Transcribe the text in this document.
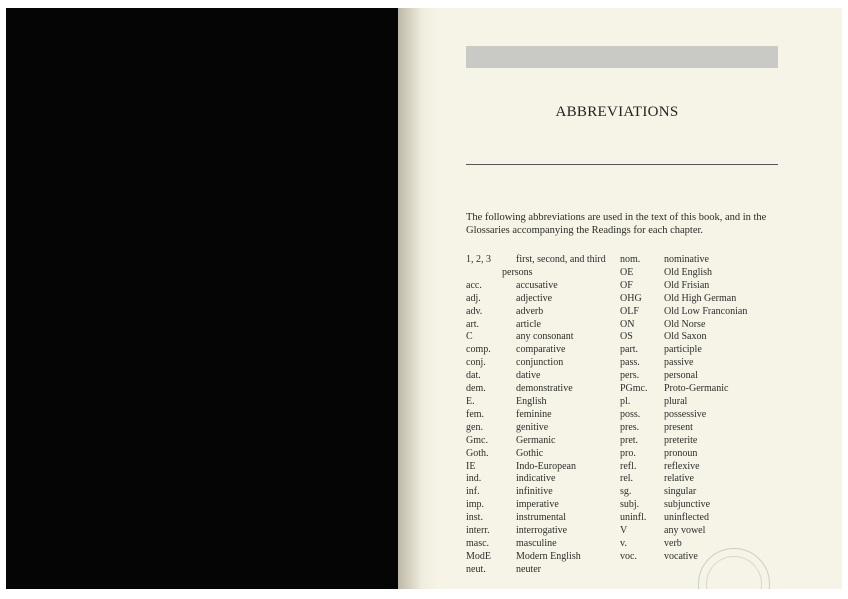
ABBREVIATIONS
The following abbreviations are used in the text of this book, and in the Glossaries accompanying the Readings for each chapter.
1, 2, 3	first, second, and third
persons
acc.	accusative
adj.	adjective
adv.	adverb
art.	article
C	any consonant
comp.	comparative
conj.	conjunction
dat.	dative
dem.	demonstrative
E.	English
fem.	feminine
gen.	genitive
Gmc.	Germanic
Goth.	Gothic
IE	Indo-European
ind.	indicative
inf.	infinitive
imp.	imperative
inst.	instrumental
interr.	interrogative
masc.	masculine
ModE	Modern English
neut.	neuter
nom.	nominative
OE	Old English
OF	Old Frisian
OHG	Old High German
OLF	Old Low Franconian
ON	Old Norse
OS	Old Saxon
part.	participle
pass.	passive
pers.	personal
PGmc.	Proto-Germanic
pl.	plural
poss.	possessive
pres.	present
pret.	preterite
pro.	pronoun
refl.	reflexive
rel.	relative
sg.	singular
subj.	subjunctive
uninfl.	uninflected
V	any vowel
v.	verb
voc.	vocative
